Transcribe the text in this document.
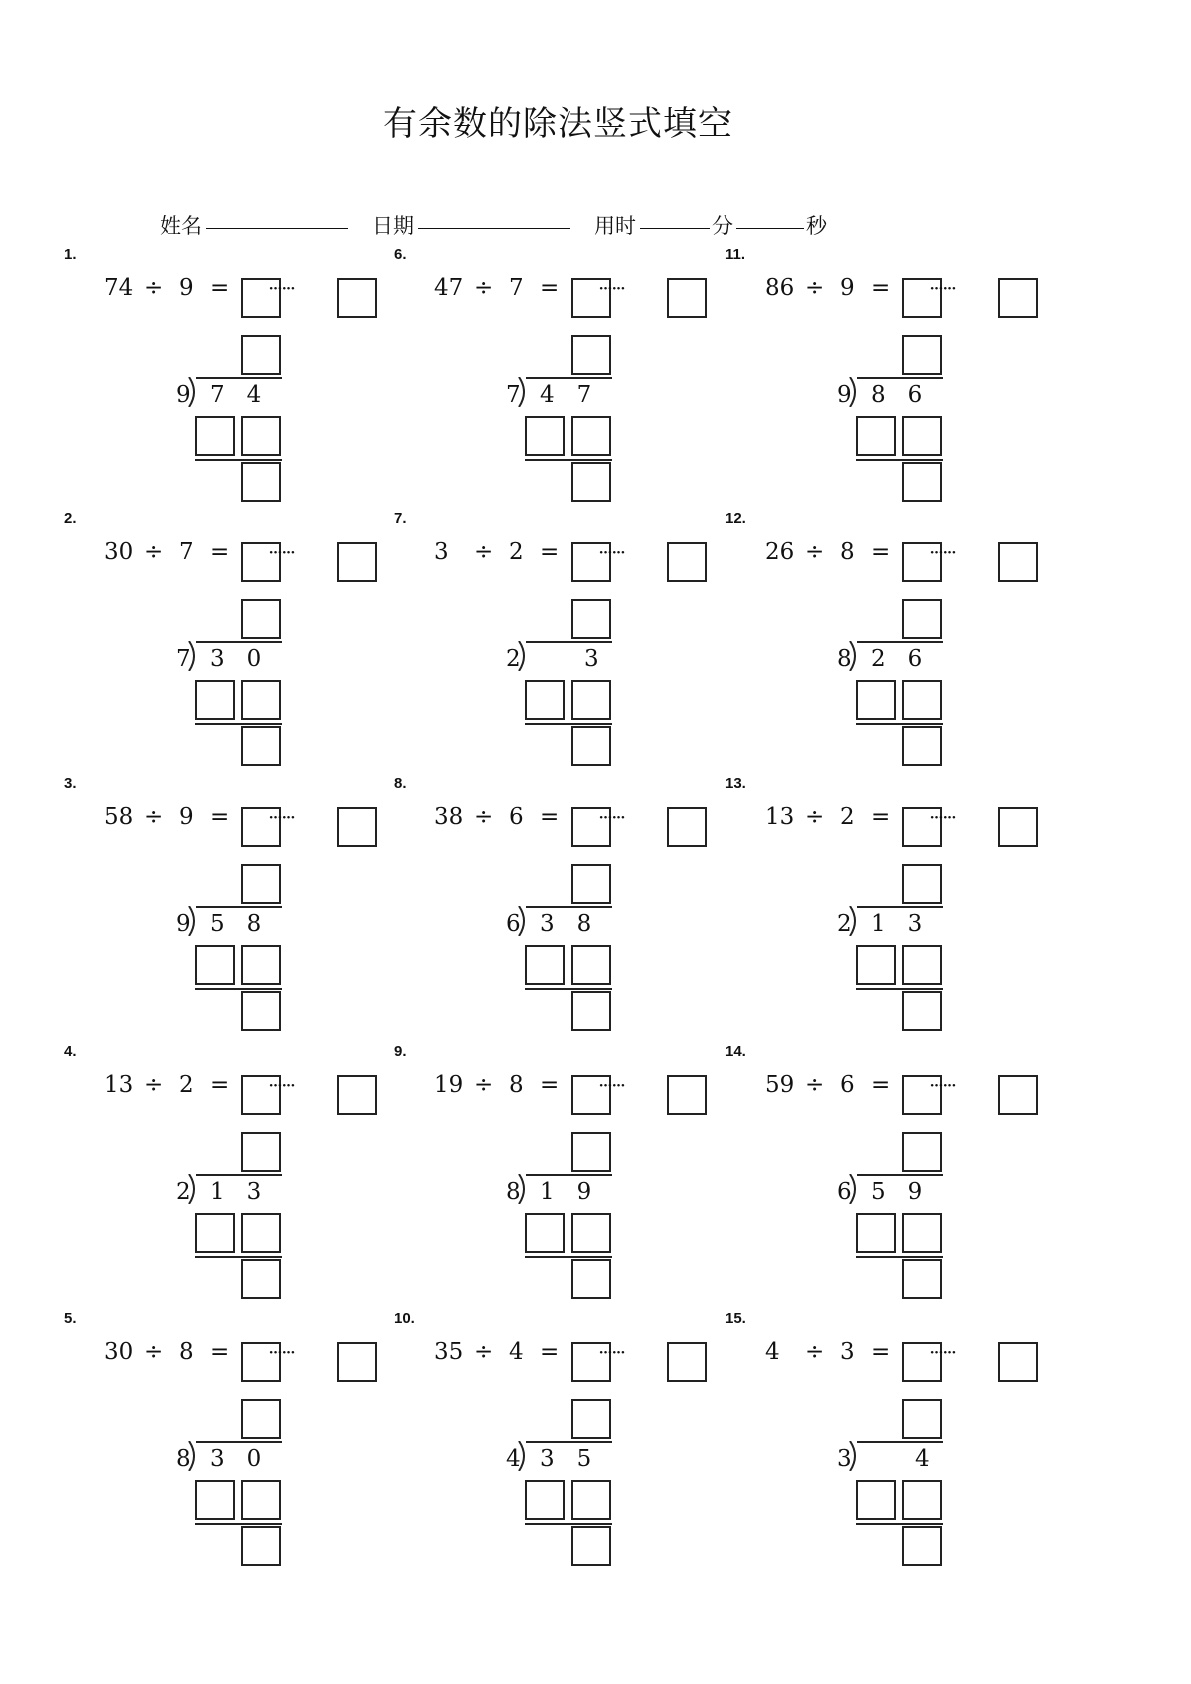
有余数的除法竖式填空
姓名	日期	用时	分	秒
1.
74 ÷ 9 = ······
9 74
2.
30 ÷ 7 = ······
7 30
3.
58 ÷ 9 = ······
9 58
4.
13 ÷ 2 = ······
2 13
5.
30 ÷ 8 = ······
8 30
6.
47 ÷ 7 = ······
7 47
7.
3 ÷ 2 = ······
2	3
8.
38 ÷ 6 = ······
6 38
9.
19 ÷ 8 = ······
8 19
10.
35 ÷ 4 = ······
4 35
11.
86 ÷ 9 = ······
9 86
12.
26 ÷ 8 = ······
8 26
13.
13 ÷ 2 = ······
2 13
14.
59 ÷ 6 = ······
6 59
15.
4 ÷ 3 = ······
3	4
